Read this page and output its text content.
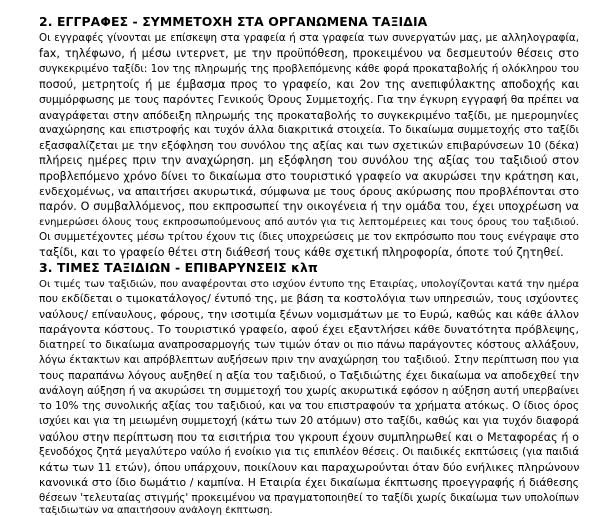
2. ΕΓΓΡΑΦΕΣ - ΣΥΜΜΕΤΟΧΗ ΣΤΑ ΟΡΓΑΝΩΜΕΝΑ ΤΑΞΙΔΙΑ
Οι εγγραφές γίνονται με επίσκεψη στα γραφεία ή στα γραφεία των συνεργατών μας, με αλληλογραφία,
fax, τηλέφωνο, ή μέσω ιντερνετ, με την προϋπόθεση, προκειμένου να δεσμευτούν θέσεις στο
συγκεκριμένο ταξίδι: 1ον της πληρωμής της προβλεπόμενης κάθε φορά προκαταβολής ή ολόκληρου του
ποσού, μετρητοίς ή με έμβασμα προς το γραφείο, και 2ον της ανεπιφύλακτης αποδοχής και
συμμόρφωσης με τους παρόντες Γενικούς Όρους Συμμετοχής. Για την έγκυρη εγγραφή θα πρέπει να
αναγράφεται στην απόδειξη πληρωμής της προκαταβολής το συγκεκριμένο ταξίδι, με ημερομηνίες
αναχώρησης και επιστροφής και τυχόν άλλα διακριτικά στοιχεία. Το δικαίωμα συμμετοχής στο ταξίδι
εξασφαλίζεται με την εξόφληση του συνόλου της αξίας και των σχετικών επιβαρύνσεων 10 (δέκα)
πλήρεις ημέρες πριν την αναχώρηση. μη εξόφληση του συνόλου της αξίας του ταξιδιού στον
προβλεπόμενο χρόνο δίνει το δικαίωμα στο τουριστικό γραφείο να ακυρώσει την κράτηση και,
ενδεχομένως, να απαιτήσει ακυρωτικά, σύμφωνα με τους όρους ακύρωσης που προβλέπονται στο
παρόν. Ο συμβαλλόμενος, που εκπροσωπεί την οικογένεια ή την ομάδα του, έχει υποχρέωση να
ενημερώσει όλους τους εκπροσωπούμενους από αυτόν για τις λεπτομέρειες και τους όρους του ταξιδιού.
Οι συμμετέχοντες μέσω τρίτου έχουν τις ίδιες υποχρεώσεις με τον εκπρόσωπο που τους ενέγραψε στο
ταξίδι, και το γραφείο θέτει στη διάθεσή τους κάθε σχετική πληροφορία, όποτε τού ζητηθεί.
3. ΤΙΜΕΣ ΤΑΞΙΔΙΩΝ - ΕΠΙΒΑΡΥΝΣΕΙΣ κλπ
Οι τιμές των ταξιδιών, που αναφέρονται στο ισχύον έντυπο της Εταιρίας, υπολογίζονται κατά την ημέρα
που εκδίδεται ο τιμοκατάλογος/ έντυπό της, με βάση τα κοστολόγια των υπηρεσιών, τους ισχύοντες
ναύλους/ επίναυλους, φόρους, την ισοτιμία ξένων νομισμάτων με το Ευρώ, καθώς και κάθε άλλον
παράγοντα κόστους. Το τουριστικό γραφείο, αφού έχει εξαντλήσει κάθε δυνατότητα πρόβλεψης,
διατηρεί το δικαίωμα αναπροσαρμογής των τιμών όταν οι πιο πάνω παράγοντες κόστους αλλάξουν,
λόγω έκτακτων και απρόβλεπτων αυξήσεων πριν την αναχώρηση του ταξιδιού. Στην περίπτωση που για
τους παραπάνω λόγους αυξηθεί η αξία του ταξιδιού, ο Ταξιδιώτης έχει δικαίωμα να αποδεχθεί την
ανάλογη αύξηση ή να ακυρώσει τη συμμετοχή του χωρίς ακυρωτικά εφόσον η αύξηση αυτή υπερβαίνει
το 10% της συνολικής αξίας του ταξιδιού, και να του επιστραφούν τα χρήματα ατόκως. Ο ίδιος όρος
ισχύει και για τη μειωμένη συμμετοχή (κάτω των 20 ατόμων) στο ταξίδι, καθώς και για τυχόν διαφορά
ναύλου στην περίπτωση που τα εισιτήρια του γκρουπ έχουν συμπληρωθεί και ο Μεταφορέας ή ο
ξενοδόχος ζητά μεγαλύτερο ναύλο ή ενοίκιο για τις επιπλέον θέσεις. Οι παιδικές εκπτώσεις (για παιδιά
κάτω των 11 ετών), όπου υπάρχουν, ποικίλουν και παραχωρούνται όταν δύο ενήλικες πληρώνουν
κανονικά στο ίδιο δωμάτιο / καμπίνα. Η Εταιρία έχει δικαίωμα έκπτωσης προεγγραφής ή διάθεσης
θέσεων 'τελευταίας στιγμής' προκειμένου να πραγματοποιηθεί το ταξίδι χωρίς δικαίωμα των υπολοίπων
ταξιδιωτών να απαιτήσουν ανάλογη έκπτωση.
